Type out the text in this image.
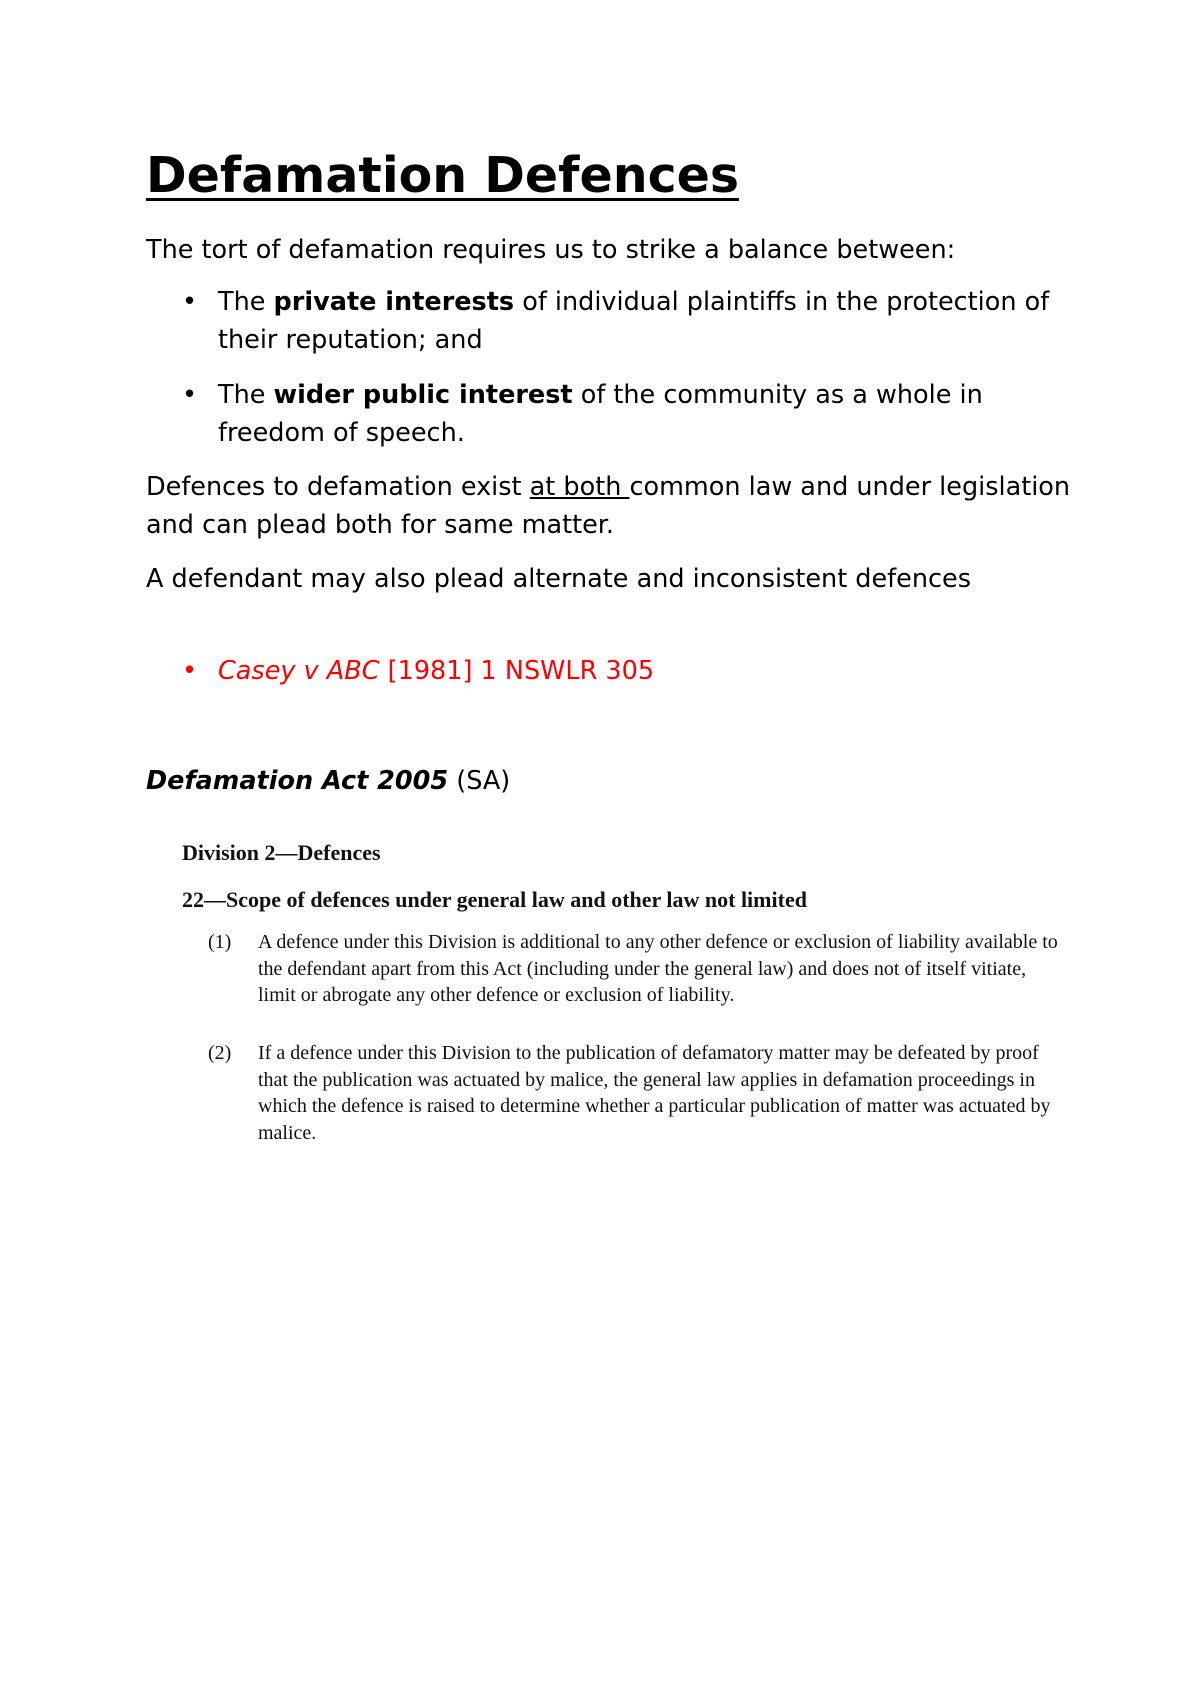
Defamation Defences

The tort of defamation requires us to strike a balance between:

• The private interests of individual plaintiffs in the protection of their reputation; and
• The wider public interest of the community as a whole in freedom of speech.

Defences to defamation exist at both common law and under legislation and can plead both for same matter.

A defendant may also plead alternate and inconsistent defences

• Casey v ABC [1981] 1 NSWLR 305
Defamation Act 2005 (SA)
Division 2—Defences
22—Scope of defences under general law and other law not limited
(1) A defence under this Division is additional to any other defence or exclusion of liability available to the defendant apart from this Act (including under the general law) and does not of itself vitiate, limit or abrogate any other defence or exclusion of liability.
(2) If a defence under this Division to the publication of defamatory matter may be defeated by proof that the publication was actuated by malice, the general law applies in defamation proceedings in which the defence is raised to determine whether a particular publication of matter was actuated by malice.
